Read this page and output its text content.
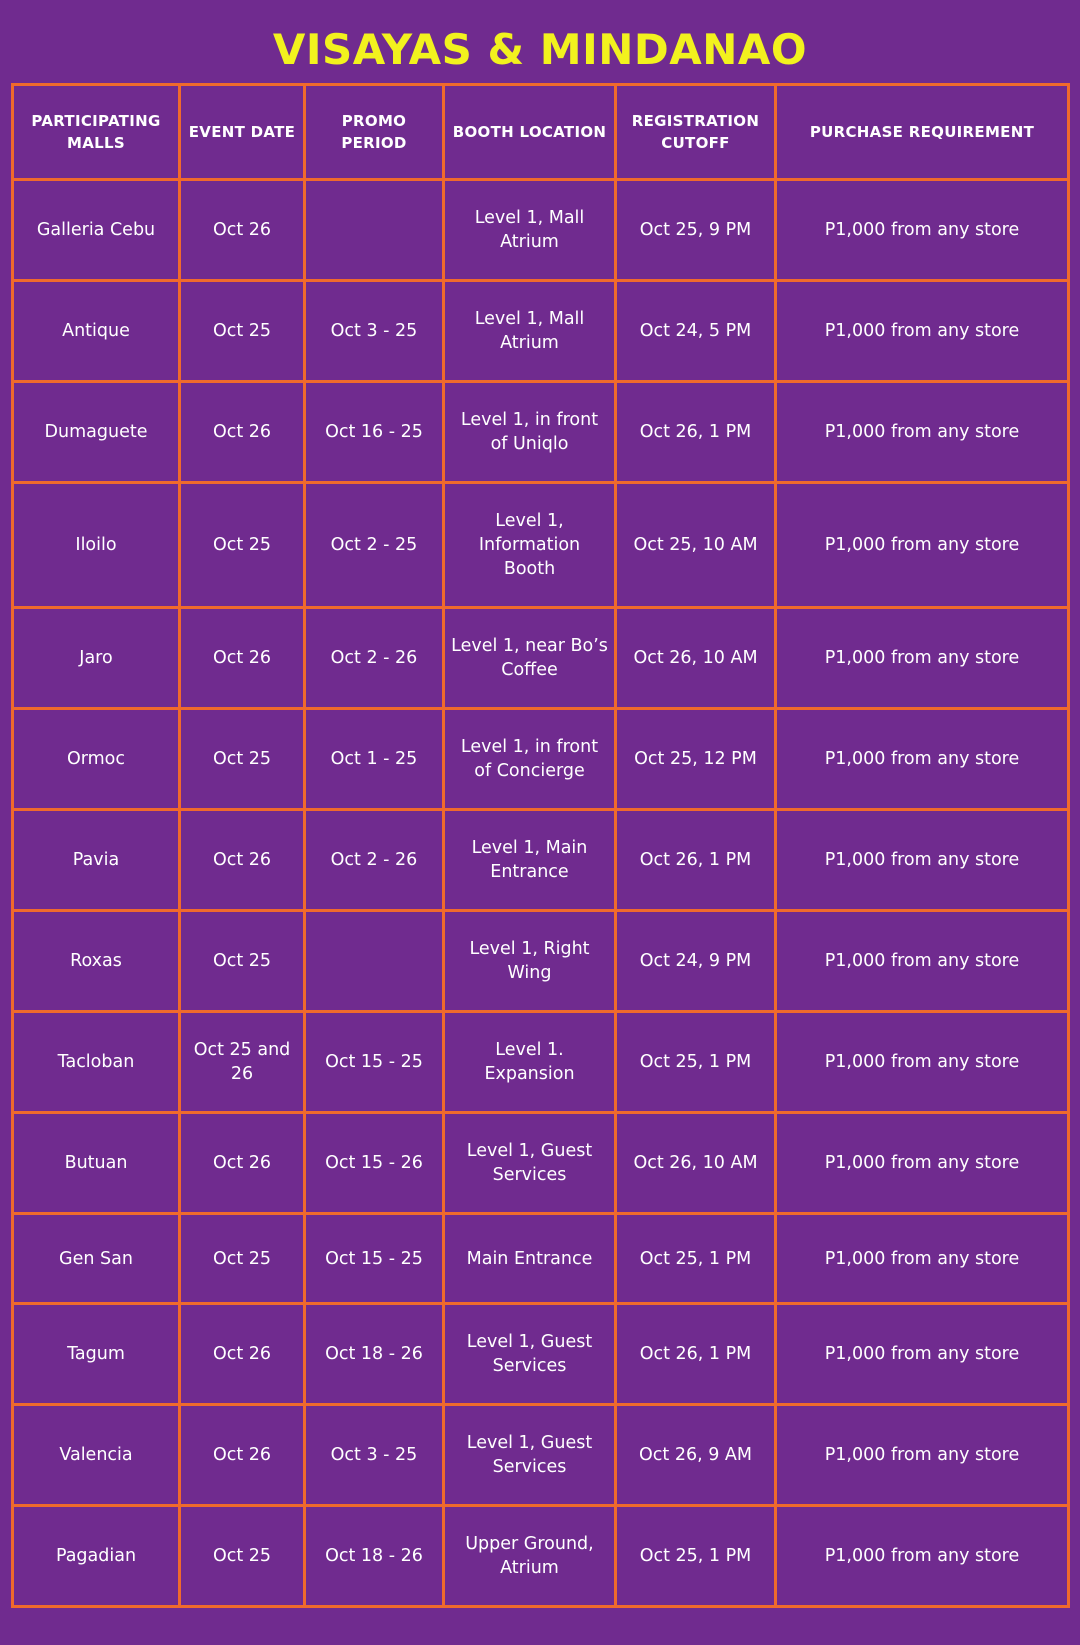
VISAYAS & MINDANAO
PARTICIPATING MALLS	EVENT DATE	PROMO PERIOD	BOOTH LOCATION	REGISTRATION CUTOFF	PURCHASE REQUIREMENT
Galleria Cebu	Oct 26		Level 1, Mall Atrium	Oct 25, 9 PM	P1,000 from any store
Antique	Oct 25	Oct 3 - 25	Level 1, Mall Atrium	Oct 24, 5 PM	P1,000 from any store
Dumaguete	Oct 26	Oct 16 - 25	Level 1, in front of Uniqlo	Oct 26, 1 PM	P1,000 from any store
Iloilo	Oct 25	Oct 2 - 25	Level 1, Information Booth	Oct 25, 10 AM	P1,000 from any store
Jaro	Oct 26	Oct 2 - 26	Level 1, near Bo’s Coffee	Oct 26, 10 AM	P1,000 from any store
Ormoc	Oct 25	Oct 1 - 25	Level 1, in front of Concierge	Oct 25, 12 PM	P1,000 from any store
Pavia	Oct 26	Oct 2 - 26	Level 1, Main Entrance	Oct 26, 1 PM	P1,000 from any store
Roxas	Oct 25		Level 1, Right Wing	Oct 24, 9 PM	P1,000 from any store
Tacloban	Oct 25 and 26	Oct 15 - 25	Level 1. Expansion	Oct 25, 1 PM	P1,000 from any store
Butuan	Oct 26	Oct 15 - 26	Level 1, Guest Services	Oct 26, 10 AM	P1,000 from any store
Gen San	Oct 25	Oct 15 - 25	Main Entrance	Oct 25, 1 PM	P1,000 from any store
Tagum	Oct 26	Oct 18 - 26	Level 1, Guest Services	Oct 26, 1 PM	P1,000 from any store
Valencia	Oct 26	Oct 3 - 25	Level 1, Guest Services	Oct 26, 9 AM	P1,000 from any store
Pagadian	Oct 25	Oct 18 - 26	Upper Ground, Atrium	Oct 25, 1 PM	P1,000 from any store
